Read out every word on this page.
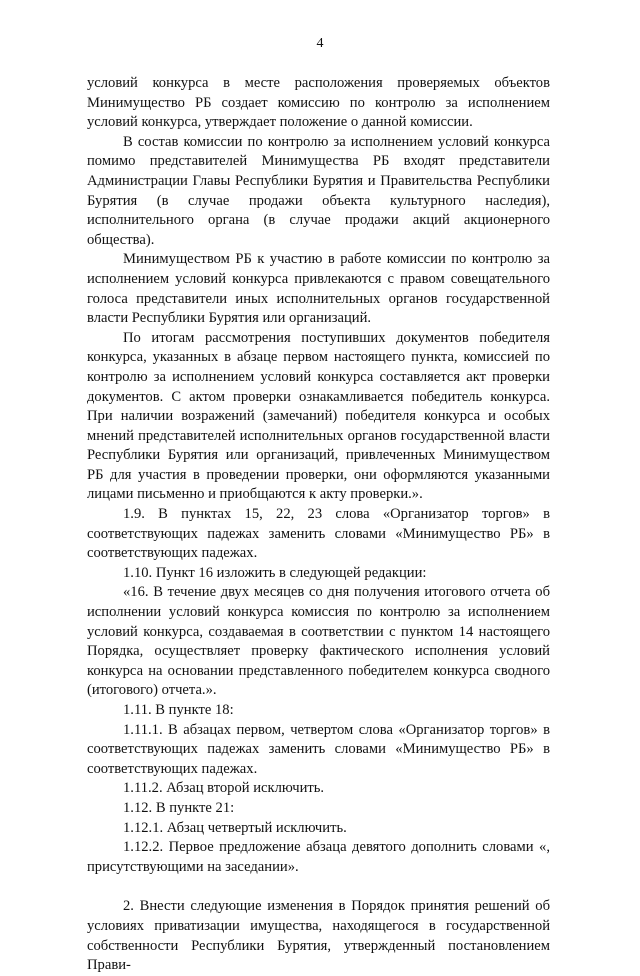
4

условий конкурса в месте расположения проверяемых объектов Минимущество РБ создает комиссию по контролю за исполнением условий конкурса, утверждает положение о данной комиссии.

В состав комиссии по контролю за исполнением условий конкурса помимо представителей Минимущества РБ входят представители Администрации Главы Республики Бурятия и Правительства Республики Бурятия (в случае продажи объекта культурного наследия), исполнительного органа (в случае продажи акций акционерного общества).

Минимуществом РБ к участию в работе комиссии по контролю за исполнением условий конкурса привлекаются с правом совещательного голоса представители иных исполнительных органов государственной власти Республики Бурятия или организаций.

По итогам рассмотрения поступивших документов победителя конкурса, указанных в абзаце первом настоящего пункта, комиссией по контролю за исполнением условий конкурса составляется акт проверки документов. С актом проверки ознакамливается победитель конкурса. При наличии возражений (замечаний) победителя конкурса и особых мнений представителей исполнительных органов государственной власти Республики Бурятия или организаций, привлеченных Минимуществом РБ для участия в проведении проверки, они оформляются указанными лицами письменно и приобщаются к акту проверки.».

1.9. В пунктах 15, 22, 23 слова «Организатор торгов» в соответствующих падежах заменить словами «Минимущество РБ» в соответствующих падежах.

1.10. Пункт 16 изложить в следующей редакции:

«16. В течение двух месяцев со дня получения итогового отчета об исполнении условий конкурса комиссия по контролю за исполнением условий конкурса, создаваемая в соответствии с пунктом 14 настоящего Порядка, осуществляет проверку фактического исполнения условий конкурса на основании представленного победителем конкурса сводного (итогового) отчета.».

1.11. В пункте 18:

1.11.1. В абзацах первом, четвертом слова «Организатор торгов» в соответствующих падежах заменить словами «Минимущество РБ» в соответствующих падежах.

1.11.2. Абзац второй исключить.

1.12. В пункте 21:

1.12.1. Абзац четвертый исключить.

1.12.2. Первое предложение абзаца девятого дополнить словами «, присутствующими на заседании».

2. Внести следующие изменения в Порядок принятия решений об условиях приватизации имущества, находящегося в государственной собственности Республики Бурятия, утвержденный постановлением Прави-
